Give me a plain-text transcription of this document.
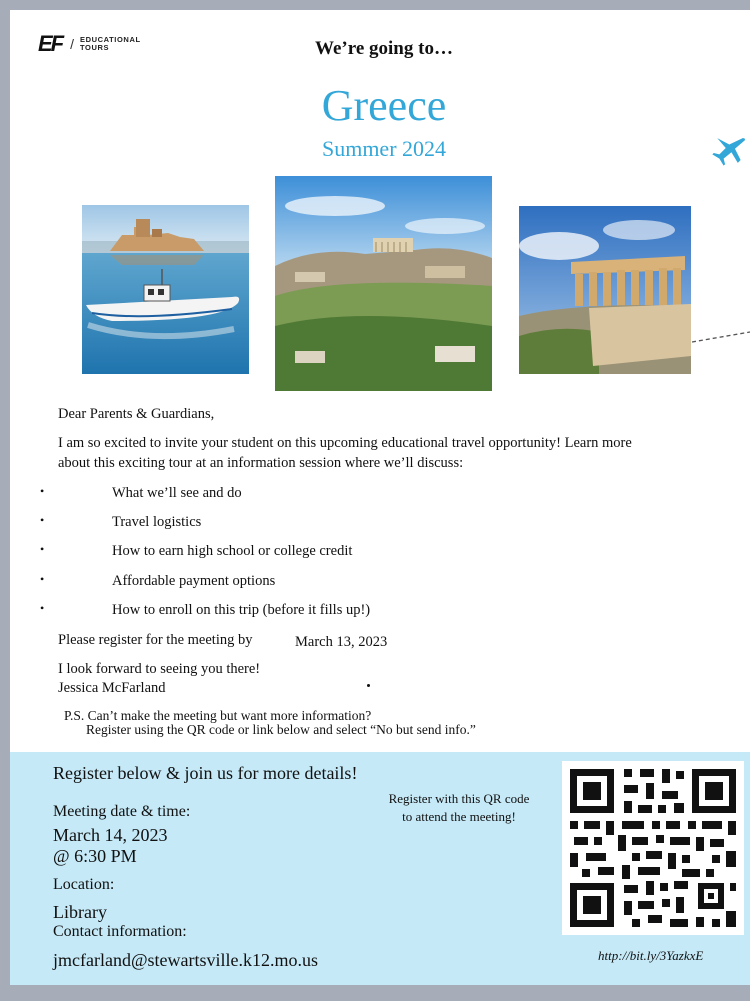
EF / EDUCATIONAL
TOURS	We’re going to…
Greece
Summer 2024
Dear Parents & Guardians,
I am so excited to invite your student on this upcoming educational travel opportunity! Learn more
about this exciting tour at an information session where we’ll discuss:
•	What we’ll see and do
•	Travel logistics
•	How to earn high school or college credit
•	Affordable payment options
•	How to enroll on this trip (before it fills up!)
Please register for the meeting by	March 13, 2023
I look forward to seeing you there!
Jessica McFarland
P.S. Can’t make the meeting but want more information?
Register using the QR code or link below and select “No but send info.”
Register below & join us for more details!
Meeting date & time:
March 14, 2023
@ 6:30 PM
Location:
Library
Contact information:
jmcfarland@stewartsville.k12.mo.us
Register with this QR code
to attend the meeting!
http://bit.ly/3YazkxE
